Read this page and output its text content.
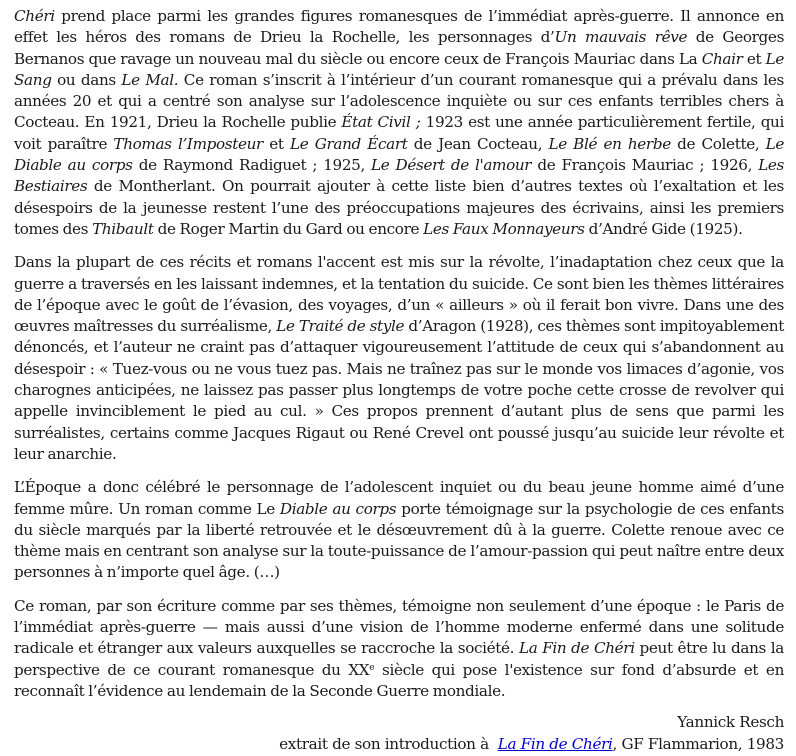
Chéri prend place parmi les grandes figures romanesques de l’immédiat après-guerre. Il annonce en effet les héros des romans de Drieu la Rochelle, les personnages d’Un mauvais rêve de Georges Bernanos que ravage un nouveau mal du siècle ou encore ceux de François Mauriac dans La Chair et Le Sang ou dans Le Mal. Ce roman s’inscrit à l’intérieur d’un courant romanesque qui a prévalu dans les années 20 et qui a centré son analyse sur l’adolescence inquiète ou sur ces enfants terribles chers à Cocteau. En 1921, Drieu la Rochelle publie État Civil ; 1923 est une année particulièrement fertile, qui voit paraître Thomas l’Imposteur et Le Grand Écart de Jean Cocteau, Le Blé en herbe de Colette, Le Diable au corps de Raymond Radiguet ; 1925, Le Désert de l'amour de François Mauriac ; 1926, Les Bestiaires de Montherlant. On pourrait ajouter à cette liste bien d’autres textes où l’exaltation et les désespoirs de la jeunesse restent l’une des préoccupations majeures des écrivains, ainsi les premiers tomes des Thibault de Roger Martin du Gard ou encore Les Faux Monnayeurs d’André Gide (1925).

Dans la plupart de ces récits et romans l'accent est mis sur la révolte, l’inadaptation chez ceux que la guerre a traversés en les laissant indemnes, et la tentation du suicide. Ce sont bien les thèmes littéraires de l’époque avec le goût de l’évasion, des voyages, d’un « ailleurs » où il ferait bon vivre. Dans une des œuvres maîtresses du surréalisme, Le Traité de style d’Aragon (1928), ces thèmes sont impitoyablement dénoncés, et l’auteur ne craint pas d’attaquer vigoureusement l’attitude de ceux qui s’abandonnent au désespoir : « Tuez-vous ou ne vous tuez pas. Mais ne traînez pas sur le monde vos limaces d’agonie, vos charognes anticipées, ne laissez pas passer plus longtemps de votre poche cette crosse de revolver qui appelle invinciblement le pied au cul. » Ces propos prennent d’autant plus de sens que parmi les surréalistes, certains comme Jacques Rigaut ou René Crevel ont poussé jusqu’au suicide leur révolte et leur anarchie.

L’Époque a donc célébré le personnage de l’adolescent inquiet ou du beau jeune homme aimé d’une femme mûre. Un roman comme Le Diable au corps porte témoignage sur la psychologie de ces enfants du siècle marqués par la liberté retrouvée et le désœuvrement dû à la guerre. Colette renoue avec ce thème mais en centrant son analyse sur la toute-puissance de l’amour-passion qui peut naître entre deux personnes à n’importe quel âge. (…)

Ce roman, par son écriture comme par ses thèmes, témoigne non seulement d’une époque : le Paris de l’immédiat après-guerre — mais aussi d’une vision de l’homme moderne enfermé dans une solitude radicale et étranger aux valeurs auxquelles se raccroche la société. La Fin de Chéri peut être lu dans la perspective de ce courant romanesque du XXe siècle qui pose l'existence sur fond d’absurde et en reconnaît l’évidence au lendemain de la Seconde Guerre mondiale.

Yannick Resch
extrait de son introduction à  La Fin de Chéri, GF Flammarion, 1983
